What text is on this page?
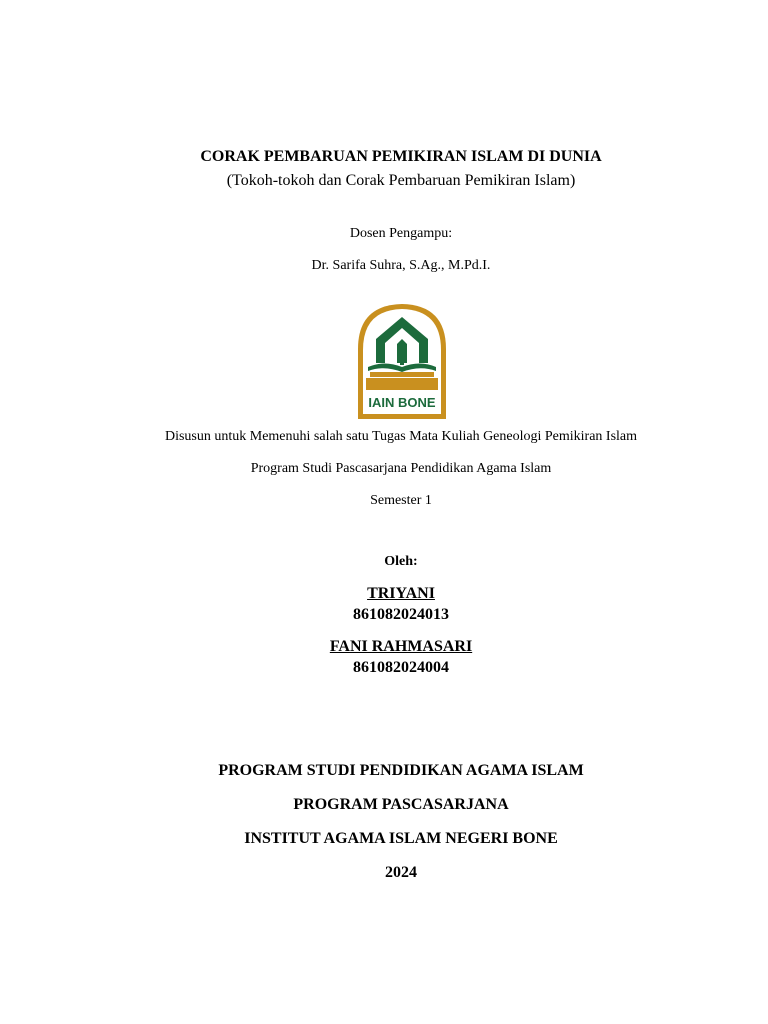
CORAK PEMBARUAN PEMIKIRAN ISLAM DI DUNIA
(Tokoh-tokoh dan Corak Pembaruan Pemikiran Islam)
Dosen Pengampu:
Dr. Sarifa Suhra, S.Ag., M.Pd.I.
IAIN BONE
Disusun untuk Memenuhi salah satu Tugas Mata Kuliah Geneologi Pemikiran Islam
Program Studi Pascasarjana Pendidikan Agama Islam
Semester 1
Oleh:
TRIYANI
861082024013
FANI RAHMASARI
861082024004
PROGRAM STUDI PENDIDIKAN AGAMA ISLAM
PROGRAM PASCASARJANA
INSTITUT AGAMA ISLAM NEGERI BONE
2024
